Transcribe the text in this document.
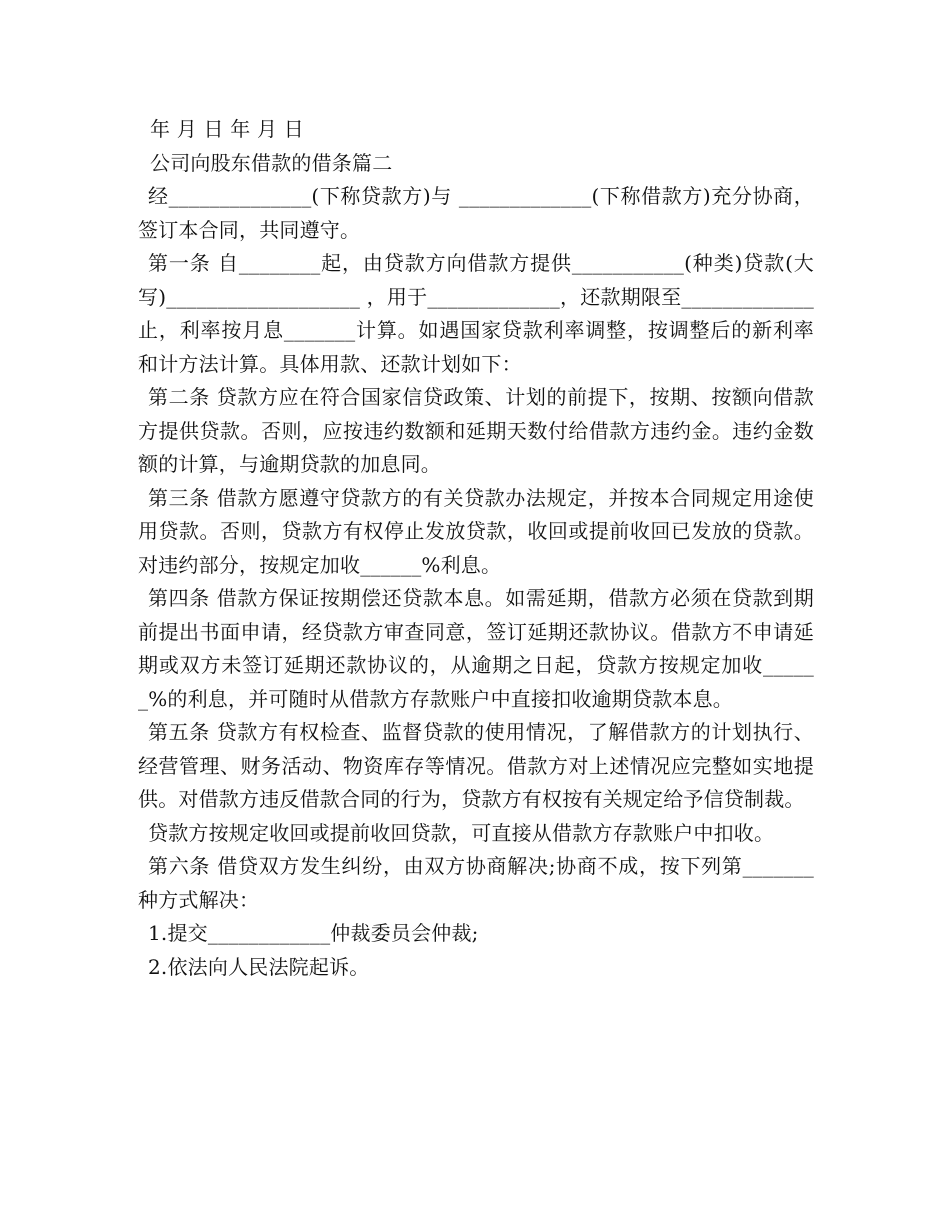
年 月 日 年 月 日

公司向股东借款的借条篇二

经______________(下称贷款方)与 _____________(下称借款方)充分协商，签订本合同，共同遵守。

第一条 自________起，由贷款方向借款方提供___________(种类)贷款(大写)___________________ ，用于_____________，还款期限至_____________止，利率按月息_______计算。如遇国家贷款利率调整，按调整后的新利率和计方法计算。具体用款、还款计划如下：

第二条 贷款方应在符合国家信贷政策、计划的前提下，按期、按额向借款方提供贷款。否则，应按违约数额和延期天数付给借款方违约金。违约金数额的计算，与逾期贷款的加息同。

第三条 借款方愿遵守贷款方的有关贷款办法规定，并按本合同规定用途使用贷款。否则，贷款方有权停止发放贷款，收回或提前收回已发放的贷款。对违约部分，按规定加收______%利息。

第四条 借款方保证按期偿还贷款本息。如需延期，借款方必须在贷款到期前提出书面申请，经贷款方审查同意，签订延期还款协议。借款方不申请延期或双方未签订延期还款协议的，从逾期之日起，贷款方按规定加收______%的利息，并可随时从借款方存款账户中直接扣收逾期贷款本息。

第五条 贷款方有权检查、监督贷款的使用情况，了解借款方的计划执行、经营管理、财务活动、物资库存等情况。借款方对上述情况应完整如实地提供。对借款方违反借款合同的行为，贷款方有权按有关规定给予信贷制裁。

贷款方按规定收回或提前收回贷款，可直接从借款方存款账户中扣收。

第六条 借贷双方发生纠纷，由双方协商解决;协商不成，按下列第_______种方式解决：

1.提交____________仲裁委员会仲裁;

2.依法向人民法院起诉。
